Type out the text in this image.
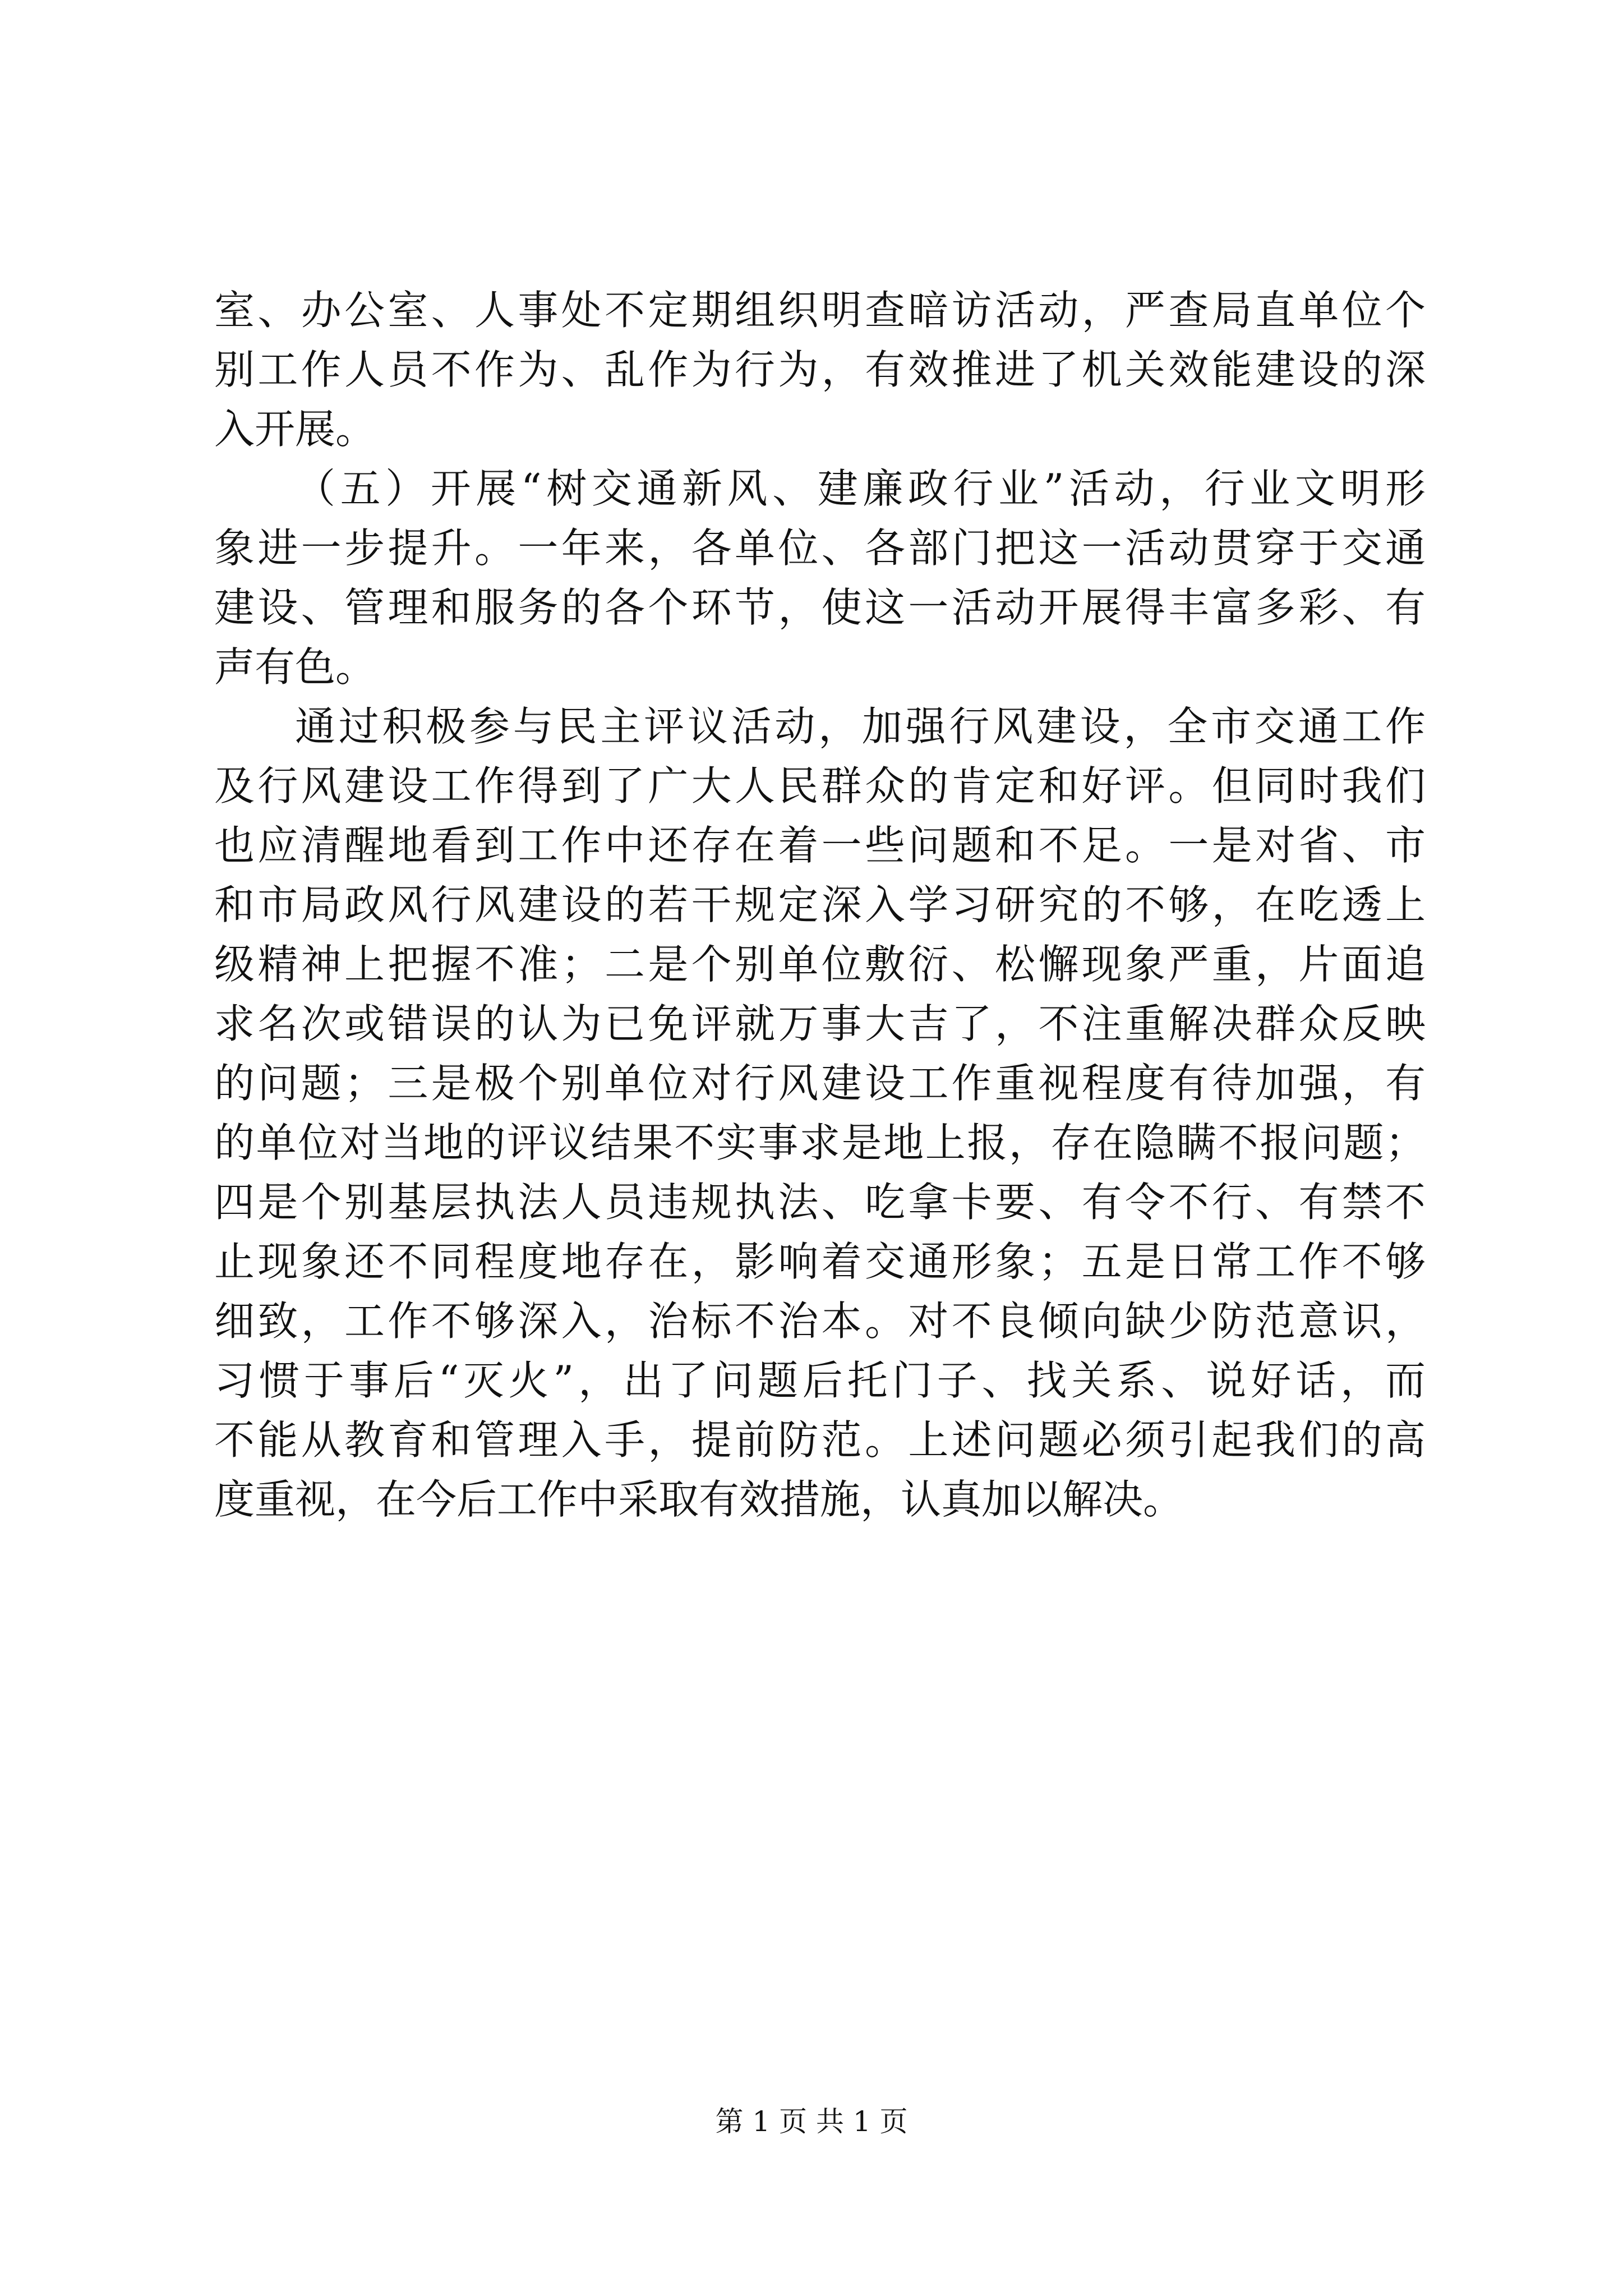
室、办公室、人事处不定期组织明查暗访活动，严查局直单位个
别工作人员不作为、乱作为行为，有效推进了机关效能建设的深
入开展。
（五）开展“树交通新风、建廉政行业”活动，行业文明形
象进一步提升。一年来，各单位、各部门把这一活动贯穿于交通
建设、管理和服务的各个环节，使这一活动开展得丰富多彩、有
声有色。
通过积极参与民主评议活动，加强行风建设，全市交通工作
及行风建设工作得到了广大人民群众的肯定和好评。但同时我们
也应清醒地看到工作中还存在着一些问题和不足。一是对省、市
和市局政风行风建设的若干规定深入学习研究的不够，在吃透上
级精神上把握不准；二是个别单位敷衍、松懈现象严重，片面追
求名次或错误的认为已免评就万事大吉了，不注重解决群众反映
的问题；三是极个别单位对行风建设工作重视程度有待加强，有
的单位对当地的评议结果不实事求是地上报，存在隐瞒不报问题；
四是个别基层执法人员违规执法、吃拿卡要、有令不行、有禁不
止现象还不同程度地存在，影响着交通形象；五是日常工作不够
细致，工作不够深入，治标不治本。对不良倾向缺少防范意识，
习惯于事后“灭火”，出了问题后托门子、找关系、说好话，而
不能从教育和管理入手，提前防范。上述问题必须引起我们的高
度重视，在今后工作中采取有效措施，认真加以解决。
第 1 页 共 1 页
